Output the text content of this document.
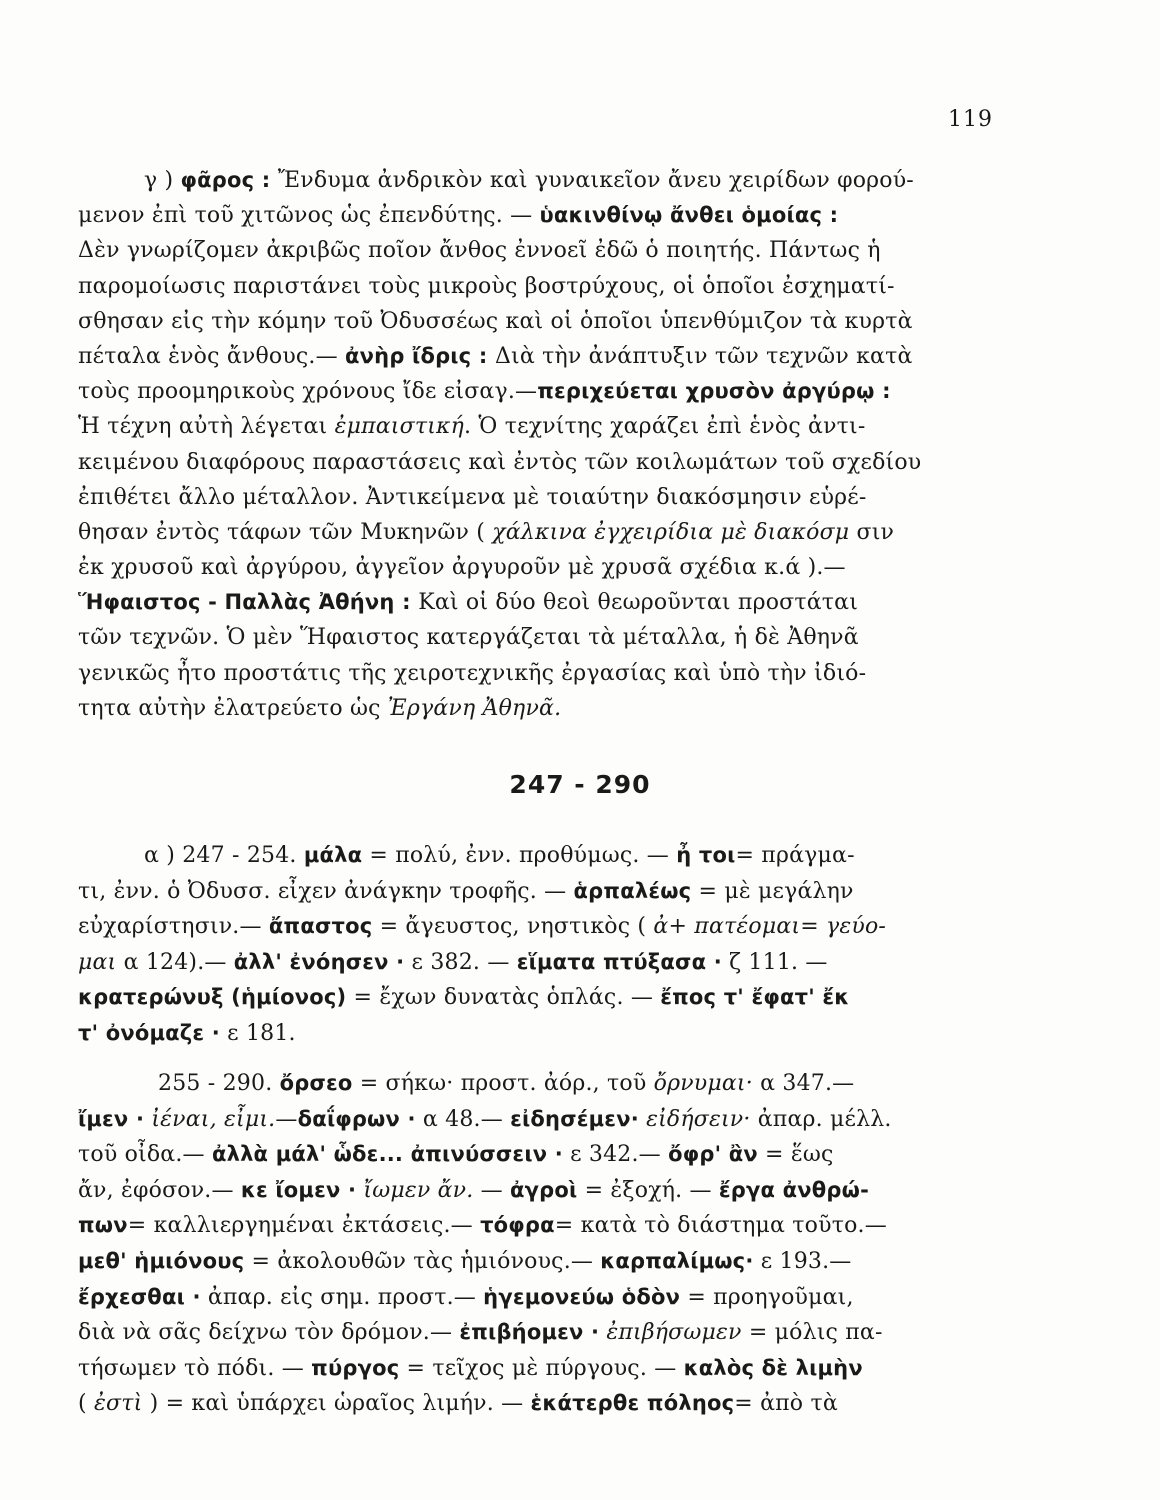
119
γ ) φᾶρος : Ἔνδυμα ἀνδρικὸν καὶ γυναικεῖον ἄνευ χειρίδων φορού-
μενον ἐπὶ τοῦ χιτῶνος ὡς ἐπενδύτης. — ὑακινθίνῳ ἄνθει ὁμοίας :
Δὲν γνωρίζομεν ἀκριβῶς ποῖον ἄνθος ἐννοεῖ ἐδῶ ὁ ποιητής. Πάντως ἡ
παρομοίωσις παριστάνει τοὺς μικροὺς βοστρύχους, οἱ ὁποῖοι ἐσχηματί-
σθησαν εἰς τὴν κόμην τοῦ Ὀδυσσέως καὶ οἱ ὁποῖοι ὑπενθύμιζον τὰ κυρτὰ
πέταλα ἑνὸς ἄνθους.— ἀνὴρ ἴδρις : Διὰ τὴν ἀνάπτυξιν τῶν τεχνῶν κατὰ
τοὺς προομηρικοὺς χρόνους ἴδε εἰσαγ.—περιχεύεται χρυσὸν ἀργύρῳ :
Ἡ τέχνη αὐτὴ λέγεται ἐμπαιστική. Ὁ τεχνίτης χαράζει ἐπὶ ἑνὸς ἀντι-
κειμένου διαφόρους παραστάσεις καὶ ἐντὸς τῶν κοιλωμάτων τοῦ σχεδίου
ἐπιθέτει ἄλλο μέταλλον. Ἀντικείμενα μὲ τοιαύτην διακόσμησιν εὑρέ-
θησαν ἐντὸς τάφων τῶν Μυκηνῶν ( χάλκινα ἐγχειρίδια μὲ διακόσμ σιν
ἐκ χρυσοῦ καὶ ἀργύρου, ἀγγεῖον ἀργυροῦν μὲ χρυσᾶ σχέδια κ.ά ).—
Ἥφαιστος - Παλλὰς Ἀθήνη : Καὶ οἱ δύο θεοὶ θεωροῦνται προστάται
τῶν τεχνῶν. Ὁ μὲν Ἥφαιστος κατεργάζεται τὰ μέταλλα, ἡ δὲ Ἀθηνᾶ
γενικῶς ἦτο προστάτις τῆς χειροτεχνικῆς ἐργασίας καὶ ὑπὸ τὴν ἰδιό-
τητα αὐτὴν ἐλατρεύετο ὡς Ἐργάνη Ἀθηνᾶ.
247 - 290
α ) 247 - 254. μάλα = πολύ, ἐνν. προθύμως. — ἦ τοι= πράγμα-
τι, ἐνν. ὁ Ὀδυσσ. εἶχεν ἀνάγκην τροφῆς. — ἁρπαλέως = μὲ μεγάλην
εὐχαρίστησιν.— ἄπαστος = ἄγευστος, νηστικὸς ( ἀ+ πατέομαι= γεύο-
μαι α 124).— ἀλλ' ἐνόησεν · ε 382. — εἵματα πτύξασα · ζ 111. —
κρατερώνυξ (ἡμίονος) = ἔχων δυνατὰς ὁπλάς. — ἔπος τ' ἔφατ' ἔκ
τ' ὀνόμαζε · ε 181.
255 - 290. ὄρσεο = σήκω· προστ. ἀόρ., τοῦ ὄρνυμαι· α 347.—
ἴμεν · ἰέναι, εἶμι.—δαΐφρων · α 48.— εἰδησέμεν· εἰδήσειν· ἀπαρ. μέλλ.
τοῦ οἶδα.— ἀλλὰ μάλ' ὧδε... ἀπινύσσειν · ε 342.— ὄφρ' ἂν = ἕως
ἄν, ἐφόσον.— κε ἴομεν · ἴωμεν ἄν. — ἀγροὶ = ἐξοχή. — ἔργα ἀνθρώ-
πων= καλλιεργημέναι ἐκτάσεις.— τόφρα= κατὰ τὸ διάστημα τοῦτο.—
μεθ' ἡμιόνους = ἀκολουθῶν τὰς ἡμιόνους.— καρπαλίμως· ε 193.—
ἔρχεσθαι · ἀπαρ. εἰς σημ. προστ.— ἡγεμονεύω ὁδὸν = προηγοῦμαι,
διὰ νὰ σᾶς δείχνω τὸν δρόμον.— ἐπιβήομεν · ἐπιβήσωμεν = μόλις πα-
τήσωμεν τὸ πόδι. — πύργος = τεῖχος μὲ πύργους. — καλὸς δὲ λιμὴν
( ἐστὶ ) = καὶ ὑπάρχει ὡραῖος λιμήν. — ἑκάτερθε πόληος= ἀπὸ τὰ
